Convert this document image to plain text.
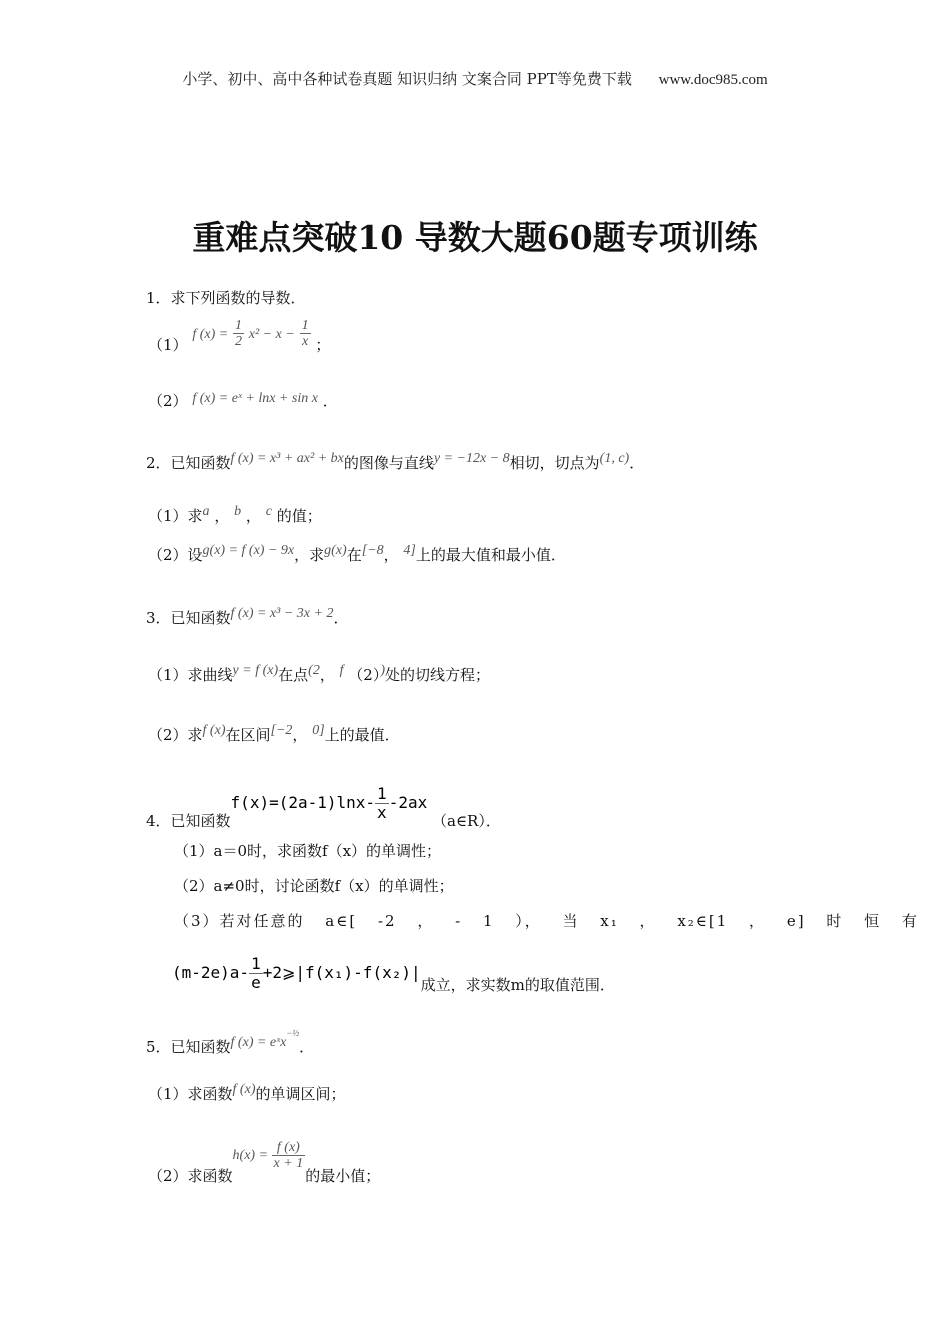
小学、初中、高中各种试卷真题 知识归纳 文案合同 PPT等免费下载 www.doc985.com
重难点突破10 导数大题60题专项训练
1．求下列函数的导数．
（1） f $(x) = \frac{1}{2} x^2 - x - \frac{1}{x}$ ；
（2） f (x) = eˣ + lnx + sin x ．
2．已知函数f (x) = x³ + ax² + bx的图像与直线y = −12x − 8相切，切点为(1, c)．
（1）求a ， b ， c 的值；
（2）设g(x) = f (x) − 9x，求g(x)在[−8， 4]上的最大值和最小值．
3．已知函数f (x) = x³ − 3x + 2．
（1）求曲线y = f (x)在点(2， f （2）)处的切线方程；
（2）求f (x)在区间[−2， 0]上的最值．
4．已知函数$f(x)=(2a-1)\ln x- \frac{1}{x} -2ax$ （a∈R）．
（1）a＝0时，求函数f（x）的单调性；
（2）a≠0时，讨论函数f（x）的单调性；
（3）若对任意的 a∈[ -2 ， - 1 ）， 当 x₁ ， x₂∈[1 ， e] 时 恒 有
$(m-2e)a- \frac{1}{e}$ +2⩾|f(x₁)-f(x₂)|成立，求实数m的取值范围．
5．已知函数f (x) = eˣx$^{-\frac{1}{2}}$．
（1）求函数f (x)的单调区间；
（2）求函数$h(x) = \frac{f (x)}{x + 1}$
的最小值；
